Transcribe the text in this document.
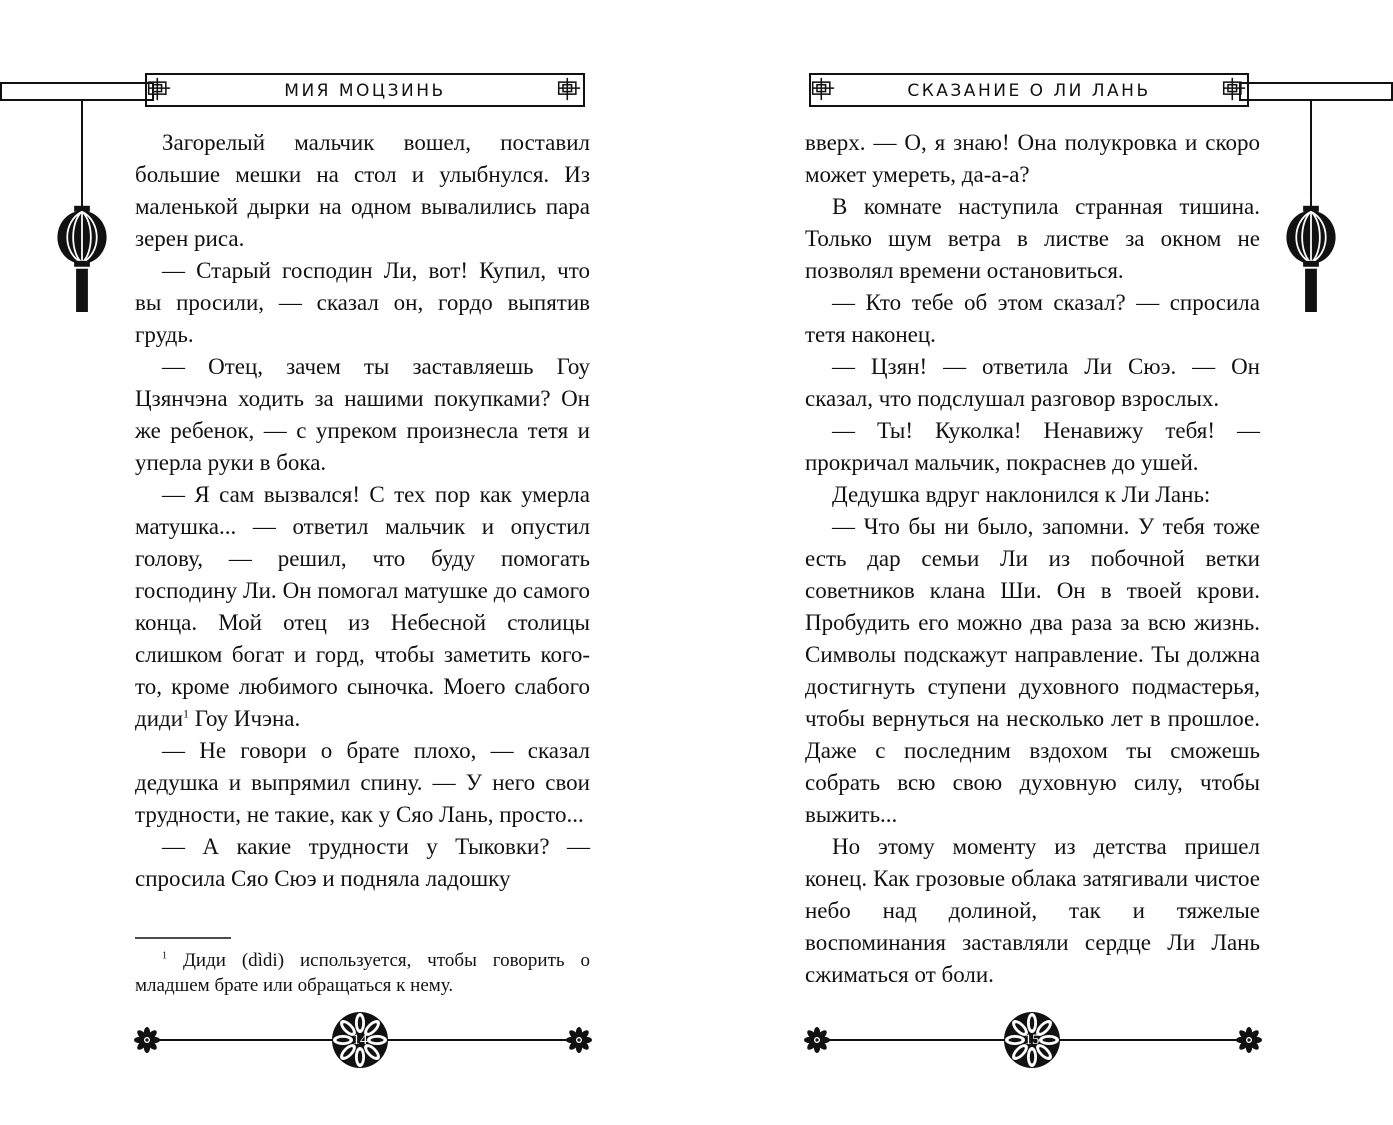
МИЯ МОЦЗИНЬ	СКАЗАНИЕ О ЛИ ЛАНЬ

Загорелый мальчик вошел, поставил большие мешки на стол и улыбнулся. Из маленькой дырки на одном вывалились пара зерен риса.

— Старый господин Ли, вот! Купил, что вы просили, — сказал он, гордо выпятив грудь.

— Отец, зачем ты заставляешь Гоу Цзянчэна ходить за нашими покупками? Он же ребенок, — с упреком произнесла тетя и уперла руки в бока.

— Я сам вызвался! С тех пор как умерла матушка... — ответил мальчик и опустил голову, — решил, что буду помогать господину Ли. Он помогал матушке до самого конца. Мой отец из Небесной столицы слишком богат и горд, чтобы заметить кого-то, кроме любимого сыночка. Моего слабого диди$^1$ Гоу Ичэна.

— Не говори о брате плохо, — сказал дедушка и выпрямил спину. — У него свои трудности, не такие, как у Сяо Лань, просто...

— А какие трудности у Тыковки? — спросила Сяо Сюэ и подняла ладошку

$^1$ Диди (dìdi) используется, чтобы говорить о младшем брате или обращаться к нему.

вверх. — О, я знаю! Она полукровка и скоро может умереть, да-а-а?

В комнате наступила странная тишина. Только шум ветра в листве за окном не позволял времени остановиться.

— Кто тебе об этом сказал? — спросила тетя наконец.

— Цзян! — ответила Ли Сюэ. — Он сказал, что подслушал разговор взрослых.

— Ты! Куколка! Ненавижу тебя! — прокричал мальчик, покраснев до ушей.

Дедушка вдруг наклонился к Ли Лань:

— Что бы ни было, запомни. У тебя тоже есть дар семьи Ли из побочной ветки советников клана Ши. Он в твоей крови. Пробудить его можно два раза за всю жизнь. Символы подскажут направление. Ты должна достигнуть ступени духовного подмастерья, чтобы вернуться на несколько лет в прошлое. Даже с последним вздохом ты сможешь собрать всю свою духовную силу, чтобы выжить...

Но этому моменту из детства пришел конец. Как грозовые облака затягивали чистое небо над долиной, так и тяжелые воспоминания заставляли сердце Ли Лань сжиматься от боли.

14	15
